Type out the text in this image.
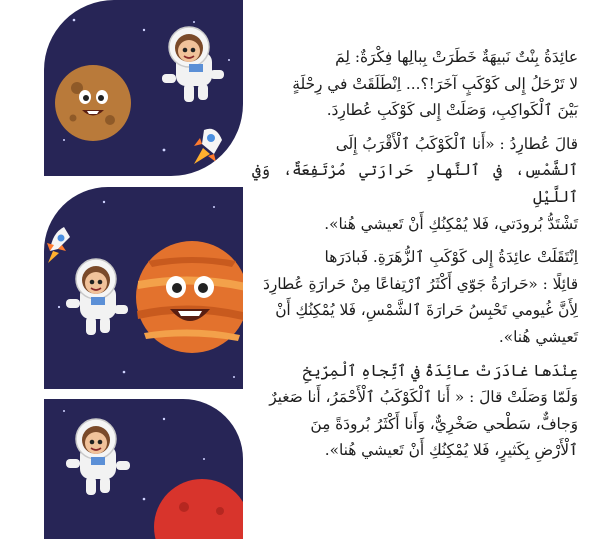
عائِدَةُ بِنْتٌ نَبيهَةٌ خَطَرَتْ بِبالِها فِكْرَةٌ: لِمَ
لا تَرْحَلُ إِلى كَوْكَبٍ آخَرَ!؟... اِنْطَلَقَتْ في رِحْلَةٍ
بَيْنَ ٱلْكَواكِبِ، وَصَلَتْ إِلى كَوْكَبِ عُطارِدَ.

قالَ عُطارِدُ : «أَنا ٱلْكَوْكَبُ ٱلْأَقْرَبُ إِلَى
ٱلشَّمْسِ، في ٱلنَّهارِ حَرارَتي مُرْتَفِعَةٌ، وَفي ٱللَّيْلِ
تَشْتَدُّ بُرودَتي، فَلا يُمْكِنُكِ أَنْ تَعيشي هُنا».

اِنْتَقَلَتْ عائِدَةُ إِلى كَوْكَبِ ٱلزُّهَرَةِ. فَبادَرَها
قائِلًا : «حَرارَةُ جَوّي أَكْثَرُ ٱرْتِفاعًا مِنْ حَرارَةِ عُطارِدَ
لِأَنَّ غُيومي تَحْبِسُ حَرارَةَ ٱلشَّمْسِ، فَلا يُمْكِنُكِ أَنْ
تَعيشي هُنا».

عِنْدَها غادَرَتْ عائِدَةُ في ٱتِّجاهِ ٱلْمِرّيخِ
وَلَمّا وَصَلَتْ قالَ : « أَنا ٱلْكَوْكَبُ ٱلْأَحْمَرُ، أَنا صَغيرٌ
وَجافٌّ، سَطْحي صَخْرِيٌّ، وَأَنا أَكْثَرُ بُرودَةً مِنَ
ٱلْأَرْضِ بِكَثيرٍ، فَلا يُمْكِنُكِ أَنْ تَعيشي هُنا».
